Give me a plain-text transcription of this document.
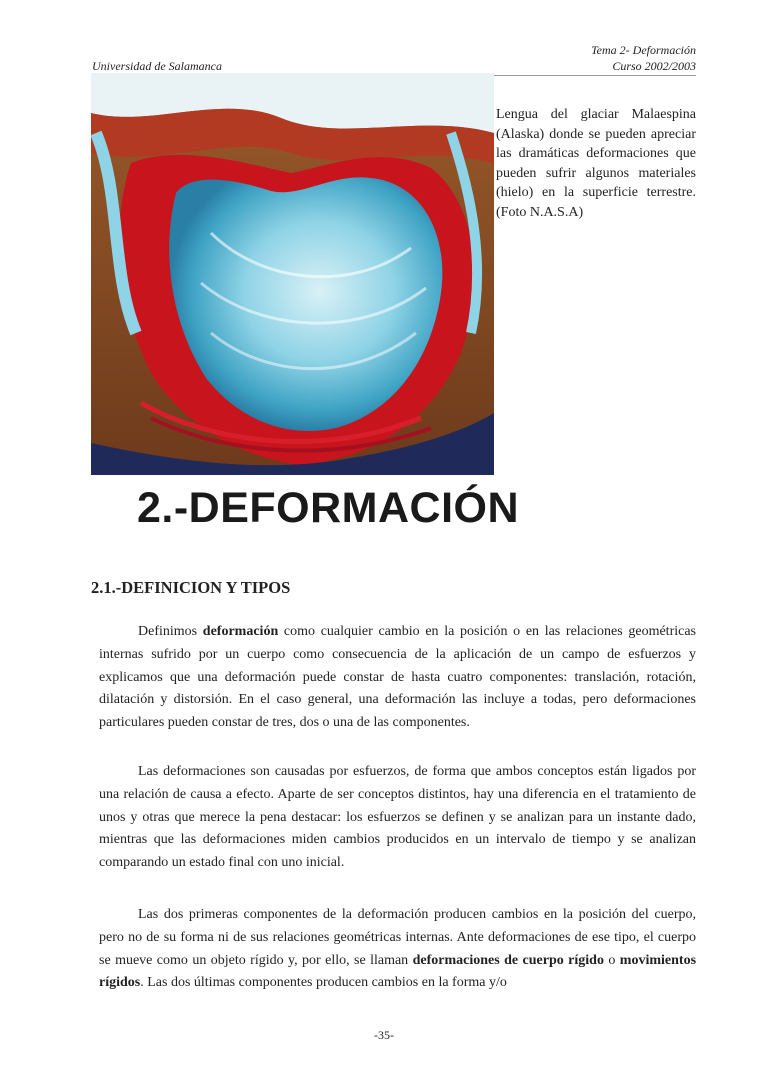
Universidad de Salamanca
Tema 2- Deformación
Curso 2002/2003
Lengua del glaciar Malaespina (Alaska) donde se pueden apreciar las dramáticas deformaciones que pueden sufrir algunos materiales (hielo) en la superficie terrestre. (Foto N.A.S.A)
2.-DEFORMACIÓN
2.1.-DEFINICION Y TIPOS

Definimos deformación como cualquier cambio en la posición o en las relaciones geométricas internas sufrido por un cuerpo como consecuencia de la aplicación de un campo de esfuerzos y explicamos que una deformación puede constar de hasta cuatro componentes: translación, rotación, dilatación y distorsión. En el caso general, una deformación las incluye a todas, pero deformaciones particulares pueden constar de tres, dos o una de las componentes.

Las deformaciones son causadas por esfuerzos, de forma que ambos conceptos están ligados por una relación de causa a efecto. Aparte de ser conceptos distintos, hay una diferencia en el tratamiento de unos y otras que merece la pena destacar: los esfuerzos se definen y se analizan para un instante dado, mientras que las deformaciones miden cambios producidos en un intervalo de tiempo y se analizan comparando un estado final con uno inicial.

Las dos primeras componentes de la deformación producen cambios en la posición del cuerpo, pero no de su forma ni de sus relaciones geométricas internas. Ante deformaciones de ese tipo, el cuerpo se mueve como un objeto rígido y, por ello, se llaman deformaciones de cuerpo rígido o movimientos rígidos. Las dos últimas componentes producen cambios en la forma y/o

-35-
